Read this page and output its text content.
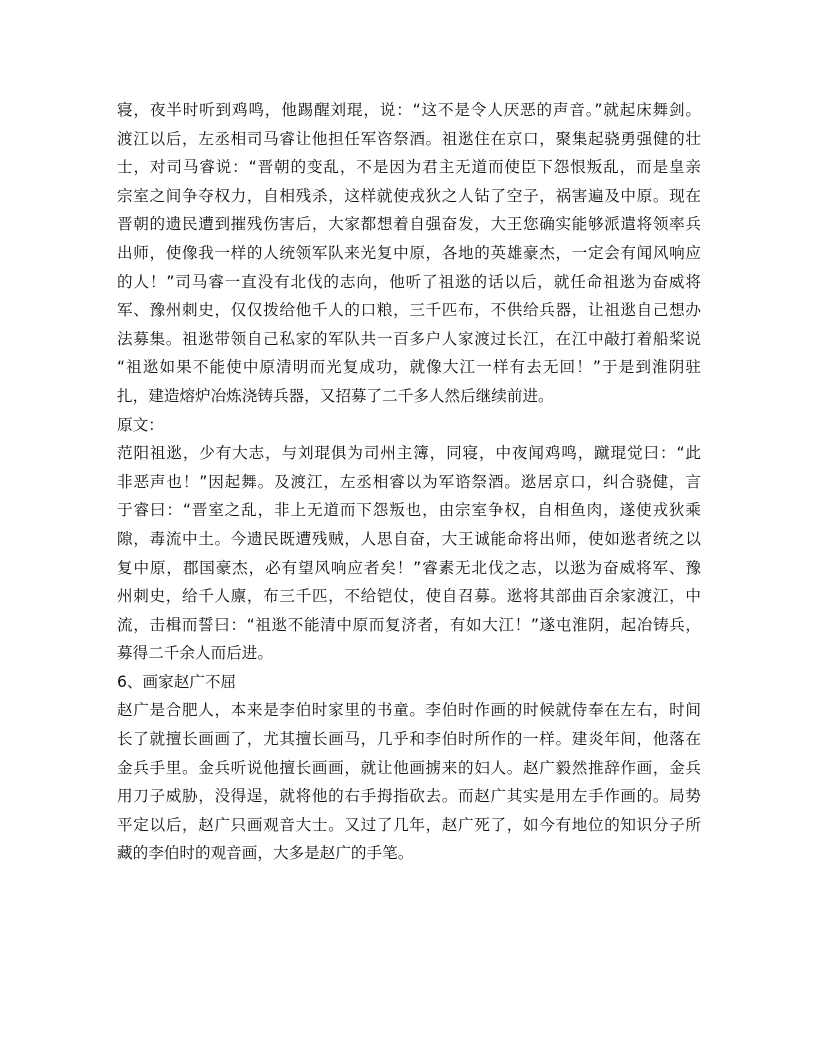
寝，夜半时听到鸡鸣，他踢醒刘琨，说：“这不是令人厌恶的声音。”就起床舞剑。
渡江以后，左丞相司马睿让他担任军咨祭酒。祖逖住在京口，聚集起骁勇强健的壮
士，对司马睿说：“晋朝的变乱，不是因为君主无道而使臣下怨恨叛乱，而是皇亲
宗室之间争夺权力，自相残杀，这样就使戎狄之人钻了空子，祸害遍及中原。现在
晋朝的遗民遭到摧残伤害后，大家都想着自强奋发，大王您确实能够派遣将领率兵
出师，使像我一样的人统领军队来光复中原，各地的英雄豪杰，一定会有闻风响应
的人！”司马睿一直没有北伐的志向，他听了祖逖的话以后，就任命祖逖为奋威将
军、豫州刺史，仅仅拨给他千人的口粮，三千匹布，不供给兵器，让祖逖自己想办
法募集。祖逖带领自己私家的军队共一百多户人家渡过长江，在江中敲打着船桨说
“祖逖如果不能使中原清明而光复成功，就像大江一样有去无回！”于是到淮阴驻
扎，建造熔炉冶炼浇铸兵器，又招募了二千多人然后继续前进。
原文：
范阳祖逖，少有大志，与刘琨俱为司州主簿，同寝，中夜闻鸡鸣，蹴琨觉曰：“此
非恶声也！”因起舞。及渡江，左丞相睿以为军谘祭酒。逖居京口，纠合骁健，言
于睿曰：“晋室之乱，非上无道而下怨叛也，由宗室争权，自相鱼肉，遂使戎狄乘
隙，毒流中土。今遗民既遭残贼，人思自奋，大王诚能命将出师，使如逖者统之以
复中原，郡国豪杰，必有望风响应者矣！”睿素无北伐之志，以逖为奋威将军、豫
州刺史，给千人廪，布三千匹，不给铠仗，使自召募。逖将其部曲百余家渡江，中
流，击楫而誓曰：“祖逖不能清中原而复济者，有如大江！”遂屯淮阴，起冶铸兵，
募得二千余人而后进。
6、画家赵广不屈
赵广是合肥人，本来是李伯时家里的书童。李伯时作画的时候就侍奉在左右，时间
长了就擅长画画了，尤其擅长画马，几乎和李伯时所作的一样。建炎年间，他落在
金兵手里。金兵听说他擅长画画，就让他画掳来的妇人。赵广毅然推辞作画，金兵
用刀子威胁，没得逞，就将他的右手拇指砍去。而赵广其实是用左手作画的。局势
平定以后，赵广只画观音大士。又过了几年，赵广死了，如今有地位的知识分子所
藏的李伯时的观音画，大多是赵广的手笔。
